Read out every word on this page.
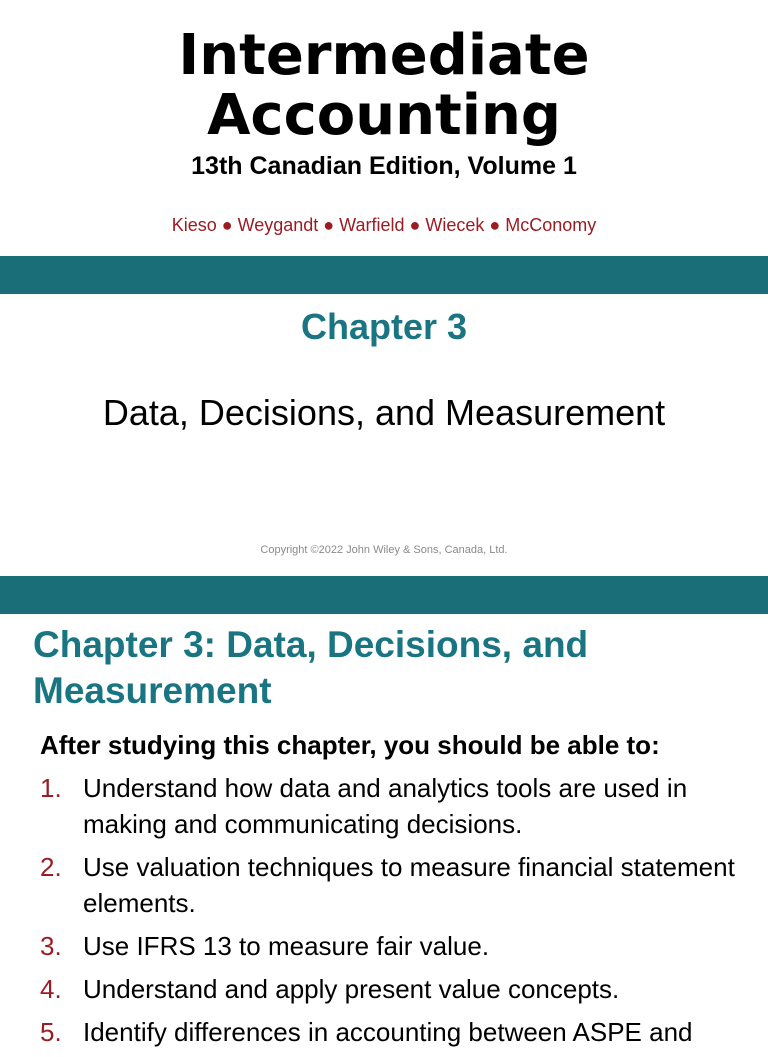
Intermediate
Accounting
13th Canadian Edition, Volume 1
Kieso ● Weygandt ● Warfield ● Wiecek ● McConomy
Chapter 3
Data, Decisions, and Measurement
Copyright ©2022 John Wiley & Sons, Canada, Ltd.
Chapter 3: Data, Decisions, and Measurement
After studying this chapter, you should be able to:
1. Understand how data and analytics tools are used in making and communicating decisions.
2. Use valuation techniques to measure financial statement elements.
3. Use IFRS 13 to measure fair value.
4. Understand and apply present value concepts.
5. Identify differences in accounting between ASPE and
